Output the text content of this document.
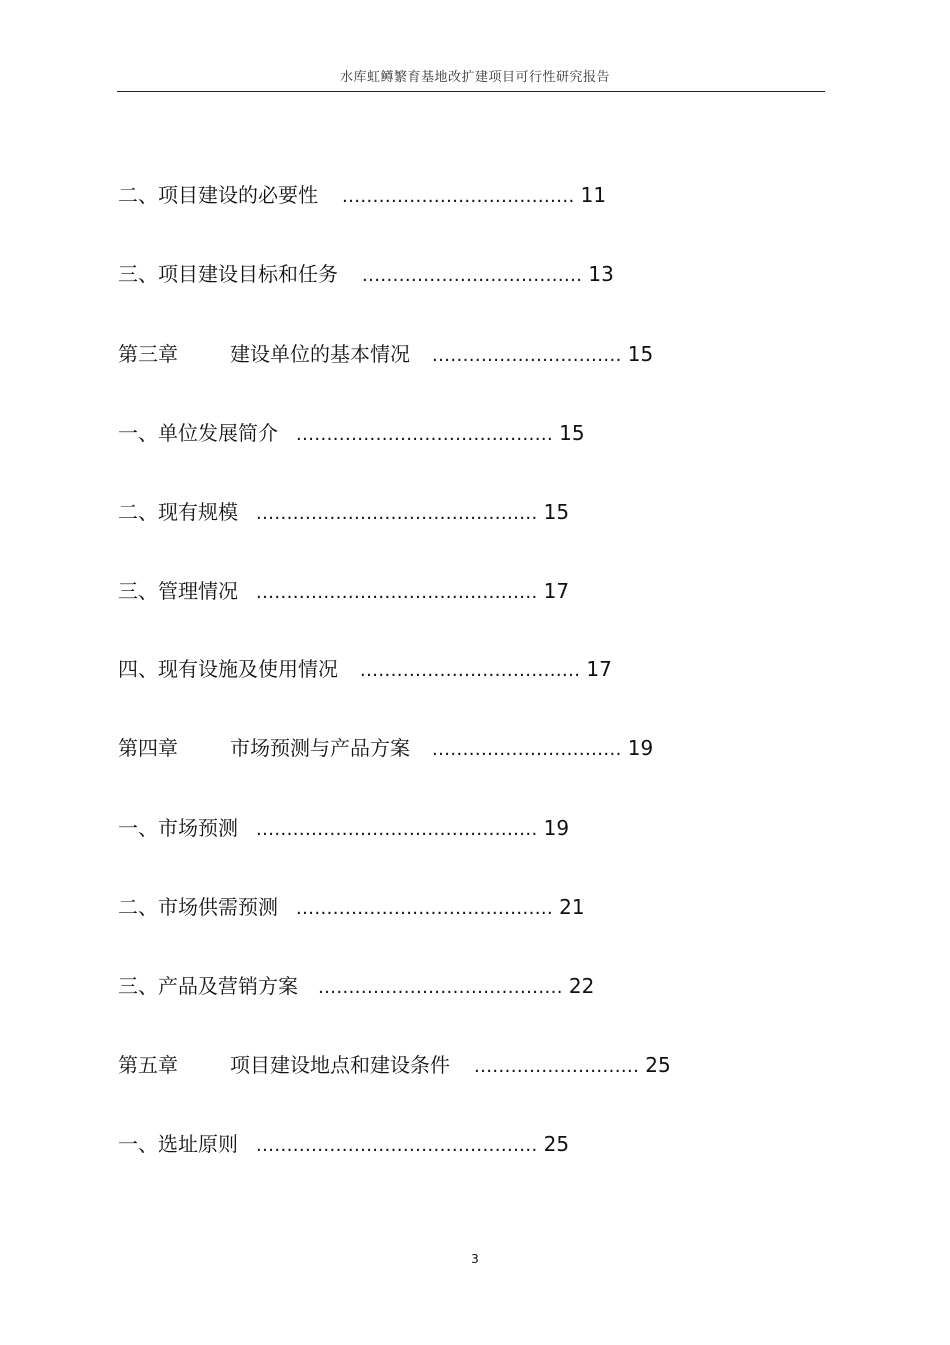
水库虹鳟繁育基地改扩建项目可行性研究报告
二、项目建设的必要性 ...................................... 11
三、项目建设目标和任务 .................................... 13
第三章	建设单位的基本情况 ............................... 15
一、单位发展简介 .......................................... 15
二、现有规模 .............................................. 15
三、管理情况 .............................................. 17
四、现有设施及使用情况 .................................... 17
第四章	市场预测与产品方案 ............................... 19
一、市场预测 .............................................. 19
二、市场供需预测 .......................................... 21
三、产品及营销方案 ........................................ 22
第五章	项目建设地点和建设条件 ........................... 25
一、选址原则 .............................................. 25
3
